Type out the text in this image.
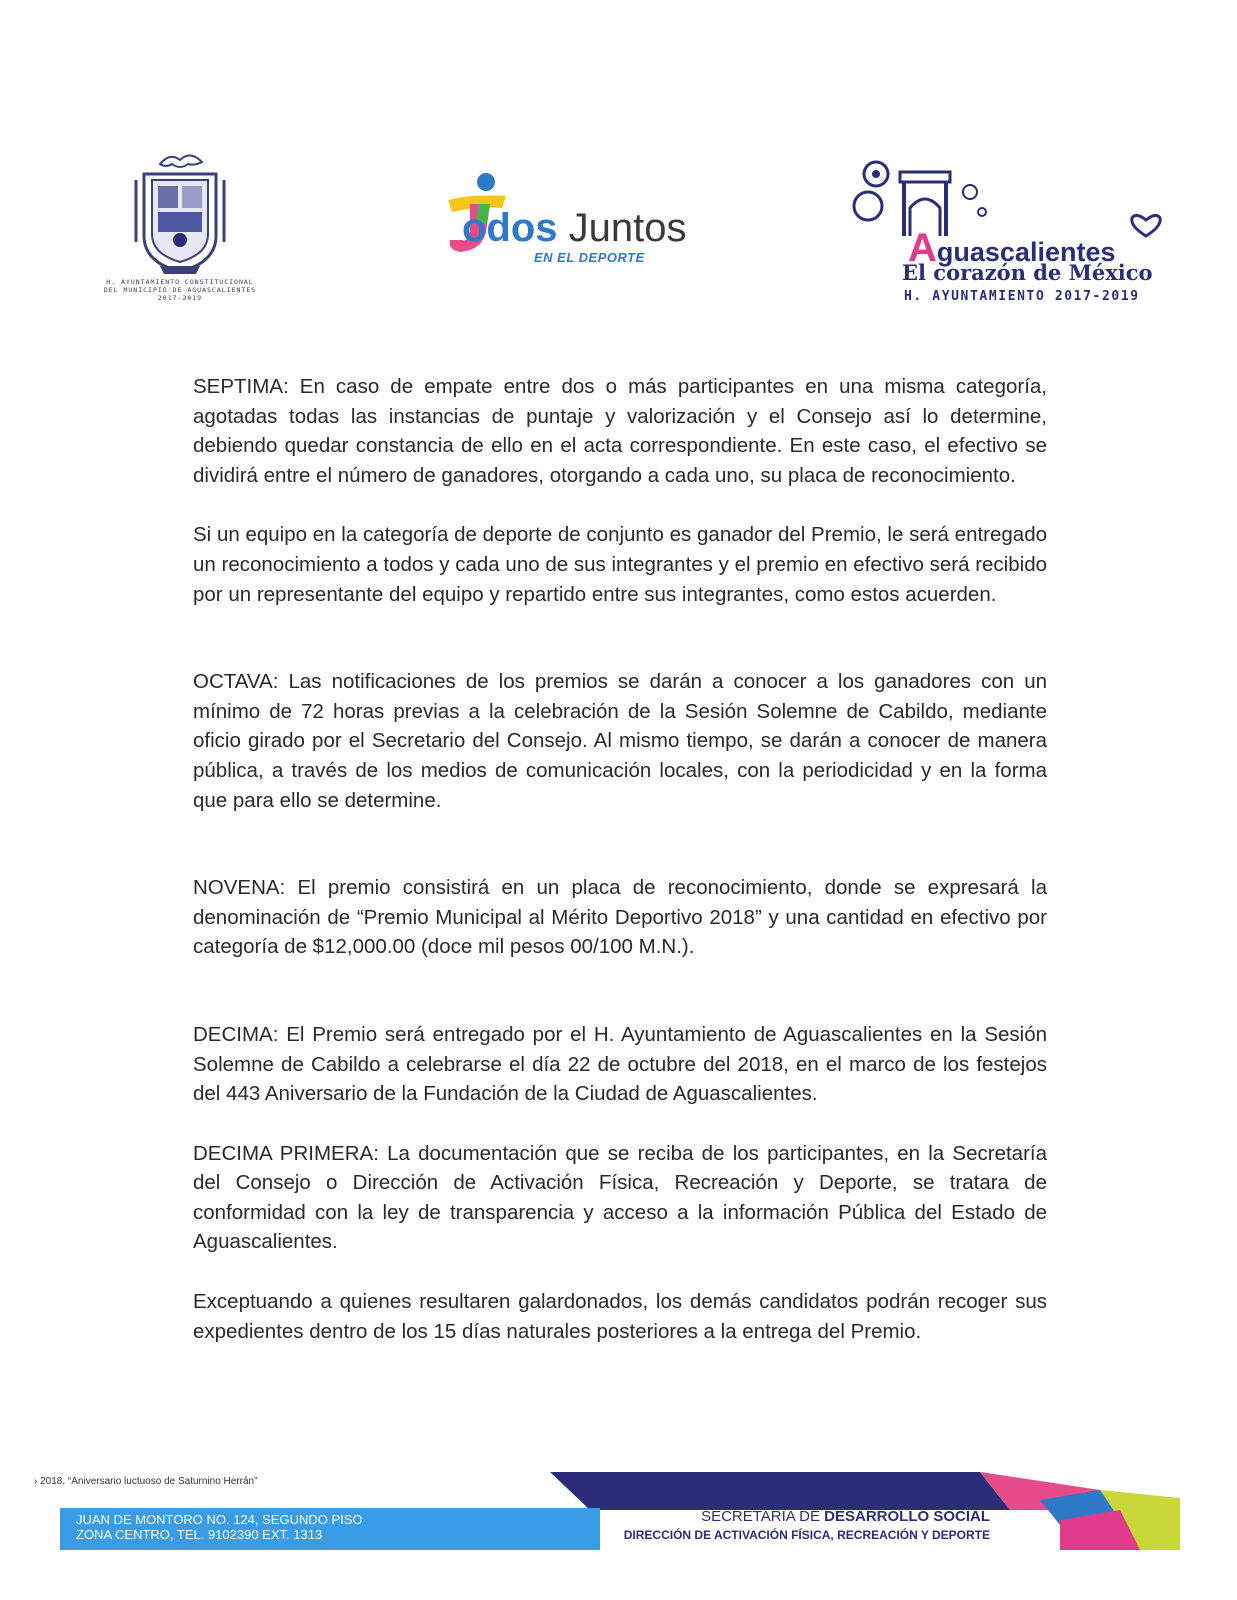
H. AYUNTAMIENTO CONSTITUCIONAL
DEL MUNICIPIO DE AGUASCALIENTES
2017-2019
odos Juntos
EN EL DEPORTE	Aguascalientes
El corazón de México
H. AYUNTAMIENTO 2017-2019

SEPTIMA: En caso de empate entre dos o más participantes en una misma categoría, agotadas todas las instancias de puntaje y valorización y el Consejo así lo determine, debiendo quedar constancia de ello en el acta correspondiente. En este caso, el efectivo se dividirá entre el número de ganadores, otorgando a cada uno, su placa de reconocimiento.

Si un equipo en la categoría de deporte de conjunto es ganador del Premio, le será entregado un reconocimiento a todos y cada uno de sus integrantes y el premio en efectivo será recibido por un representante del equipo y repartido entre sus integrantes, como estos acuerden.

OCTAVA: Las notificaciones de los premios se darán a conocer a los ganadores con un mínimo de 72 horas previas a la celebración de la Sesión Solemne de Cabildo, mediante oficio girado por el Secretario del Consejo. Al mismo tiempo, se darán a conocer de manera pública, a través de los medios de comunicación locales, con la periodicidad y en la forma que para ello se determine.

NOVENA: El premio consistirá en un placa de reconocimiento, donde se expresará la denominación de “Premio Municipal al Mérito Deportivo 2018” y una cantidad en efectivo por categoría de $12,000.00 (doce mil pesos 00/100 M.N.).

DECIMA: El Premio será entregado por el H. Ayuntamiento de Aguascalientes en la Sesión Solemne de Cabildo a celebrarse el día 22 de octubre del 2018, en el marco de los festejos del 443 Aniversario de la Fundación de la Ciudad de Aguascalientes.

DECIMA PRIMERA: La documentación que se reciba de los participantes, en la Secretaría del Consejo o Dirección de Activación Física, Recreación y Deporte, se tratara de conformidad con la ley de transparencia y acceso a la información Pública del Estado de Aguascalientes.

Exceptuando a quienes resultaren galardonados, los demás candidatos podrán recoger sus expedientes dentro de los 15 días naturales posteriores a la entrega del Premio.

› 2018, “Aniversario luctuoso de Saturnino Herrán”
JUAN DE MONTORO NO. 124, SEGUNDO PISO
ZONA CENTRO, TEL. 9102390 EXT. 1313
SECRETARÍA DE DESARROLLO SOCIAL
DIRECCIÓN DE ACTIVACIÓN FÍSICA, RECREACIÓN Y DEPORTE
